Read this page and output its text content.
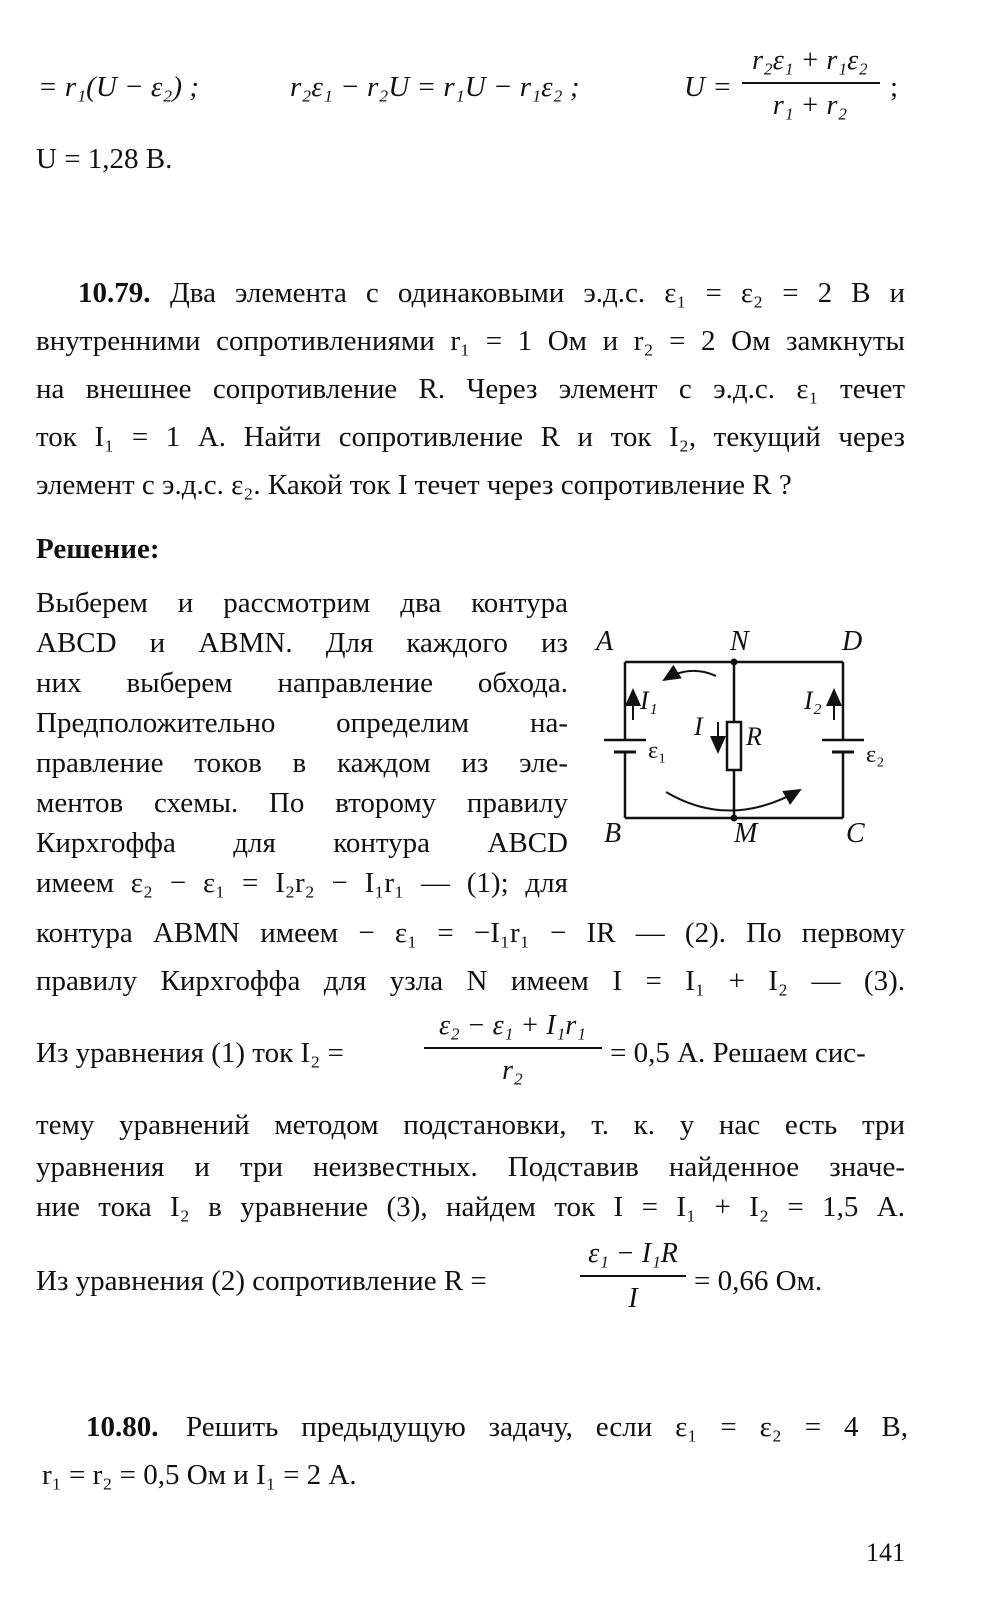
= r₁(U − ε₂) ;	r₂ε₁ − r₂U = r₁U − r₁ε₂ ;	U =
r₂ε₁ + r₁ε₂
r₁ + r₂
;
U = 1,28 В.
10.79. Два элемента с одинаковыми э.д.с. ε₁ = ε₂ = 2 В и
внутренними сопротивлениями r₁ = 1 Ом и r₂ = 2 Ом замкнуты
на внешнее сопротивление R. Через элемент с э.д.с. ε₁ течет
ток I₁ = 1 А. Найти сопротивление R и ток I₂, текущий через
элемент с э.д.с. ε₂. Какой ток I течет через сопротивление R ?
Решение:
Выберем и рассмотрим два контура
ABCD и ABMN. Для каждого из
них выберем направление обхода.
Предположительно определим на-
правление токов в каждом из эле-
ментов схемы. По второму правилу
Кирхгоффа для контура ABCD
имеем ε₂ − ε₁ = I₂r₂ − I₁r₁ — (1); для
контура ABMN имеем − ε₁ = −I₁r₁ − IR — (2). По первому
правилу Кирхгоффа для узла N имеем I = I₁ + I₂ — (3).
Из уравнения (1) ток I₂ =
ε₂ − ε₁ + I₁r₁
r₂
= 0,5 А. Решаем сис-
тему уравнений методом подстановки, т. к. у нас есть три
уравнения и три неизвестных. Подставив найденное значе-
ние тока I₂ в уравнение (3), найдем ток I = I₁ + I₂ = 1,5 А.
Из уравнения (2) сопротивление R =
ε₁ − I₁R
I
= 0,66 Ом.
A	N	D
B	M	C
I₁	I₂
I R
ε₁	ε₂
10.80. Решить предыдущую задачу, если ε₁ = ε₂ = 4 В,
r₁ = r₂ = 0,5 Ом и I₁ = 2 А.
141
